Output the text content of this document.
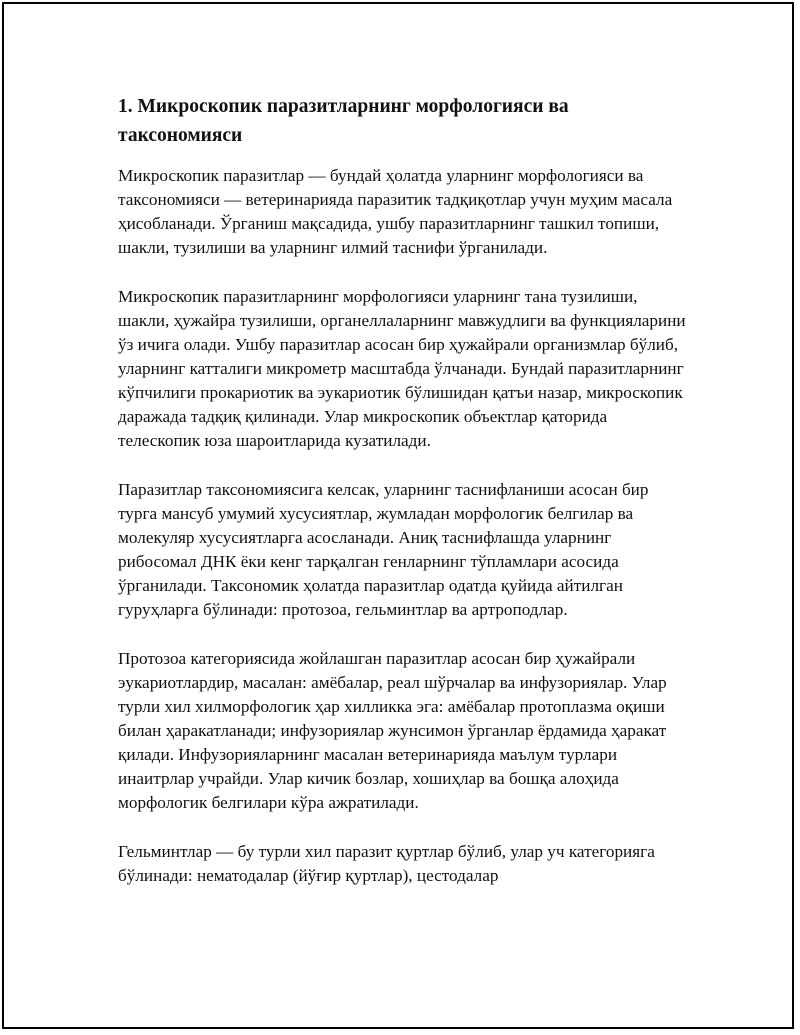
1. Микроскопик паразитларнинг морфологияси ва таксономияси

Микроскопик паразитлар — бундай ҳолатда уларнинг морфологияси ва таксономияси — ветеринарияда паразитик тадқиқотлар учун муҳим масала ҳисобланади. Ўрганиш мақсадида, ушбу паразитларнинг ташкил топиши, шакли, тузилиши ва уларнинг илмий таснифи ўрганилади.

Микроскопик паразитларнинг морфологияси уларнинг тана тузилиши, шакли, ҳужайра тузилиши, органеллаларнинг мавжудлиги ва функцияларини ўз ичига олади. Ушбу паразитлар асосан бир ҳужайрали организмлар бўлиб, уларнинг катталиги микрометр масштабда ўлчанади. Бундай паразитларнинг кўпчилиги прокариотик ва эукариотик бўлишидан қатъи назар, микроскопик даражада тадқиқ қилинади. Улар микроскопик объектлар қаторида телескопик юза шароитларида кузатилади.

Паразитлар таксономиясига келсак, уларнинг таснифланиши асосан бир турга мансуб умумий хусусиятлар, жумладан морфологик белгилар ва молекуляр хусусиятларга асосланади. Аниқ таснифлашда уларнинг рибосомал ДНК ёки кенг тарқалган генларнинг тўпламлари асосида ўрганилади. Таксономик ҳолатда паразитлар одатда қуйида айтилган гуруҳларга бўлинади: протозоа, гельминтлар ва артроподлар.

Протозоа категориясида жойлашган паразитлар асосан бир ҳужайрали эукариотлардир, масалан: амёбалар, реал шўрчалар ва инфузориялар. Улар турли хил хилморфологик ҳар хилликка эга: амёбалар протоплазма оқиши билан ҳаракатланади; инфузориялар жунсимон ўрганлар ёрдамида ҳаракат қилади. Инфузорияларнинг масалан ветеринарияда маълум турлари инаитрлар учрайди. Улар кичик бозлар, хошиҳлар ва бошқа алоҳида морфологик белгилари кўра ажратилади.

Гельминтлар — бу турли хил паразит қуртлар бўлиб, улар уч категорияга бўлинади: нематодалар (йўғир қуртлар), цестодалар
